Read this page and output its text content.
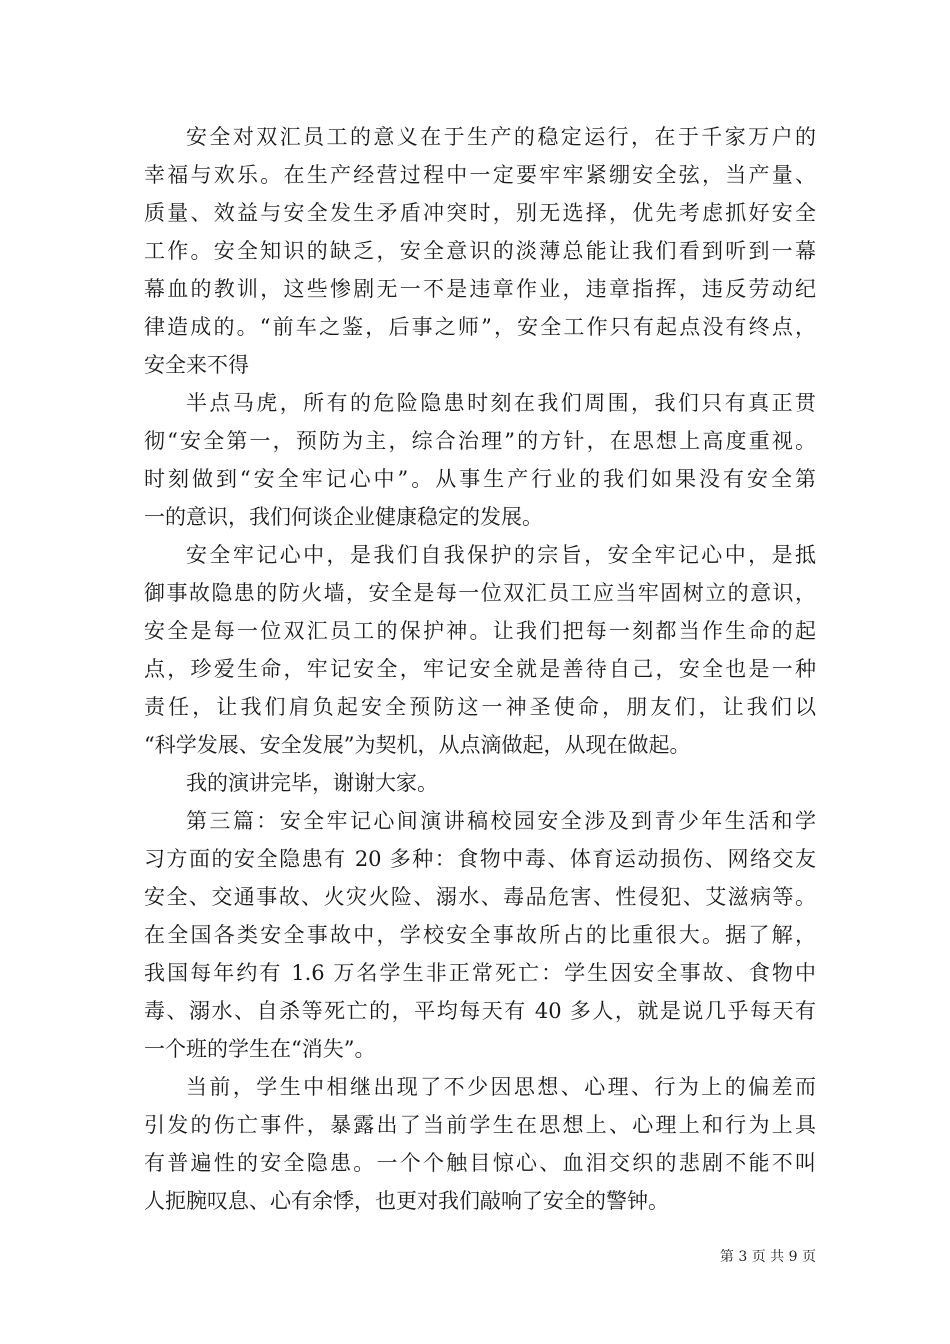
安全对双汇员工的意义在于生产的稳定运行，在于千家万户的
幸福与欢乐。在生产经营过程中一定要牢牢紧绷安全弦，当产量、
质量、效益与安全发生矛盾冲突时，别无选择，优先考虑抓好安全
工作。安全知识的缺乏，安全意识的淡薄总能让我们看到听到一幕
幕血的教训，这些惨剧无一不是违章作业，违章指挥，违反劳动纪
律造成的。“前车之鉴，后事之师”，安全工作只有起点没有终点，
安全来不得
半点马虎，所有的危险隐患时刻在我们周围，我们只有真正贯
彻“安全第一，预防为主，综合治理”的方针，在思想上高度重视。
时刻做到“安全牢记心中”。从事生产行业的我们如果没有安全第
一的意识，我们何谈企业健康稳定的发展。
安全牢记心中，是我们自我保护的宗旨，安全牢记心中，是抵
御事故隐患的防火墙，安全是每一位双汇员工应当牢固树立的意识，
安全是每一位双汇员工的保护神。让我们把每一刻都当作生命的起
点，珍爱生命，牢记安全，牢记安全就是善待自己，安全也是一种
责任，让我们肩负起安全预防这一神圣使命，朋友们，让我们以
“科学发展、安全发展”为契机，从点滴做起，从现在做起。
我的演讲完毕，谢谢大家。
第三篇：安全牢记心间演讲稿校园安全涉及到青少年生活和学
习方面的安全隐患有 20 多种：食物中毒、体育运动损伤、网络交友
安全、交通事故、火灾火险、溺水、毒品危害、性侵犯、艾滋病等。
在全国各类安全事故中，学校安全事故所占的比重很大。据了解，
我国每年约有 1.6 万名学生非正常死亡：学生因安全事故、食物中
毒、溺水、自杀等死亡的，平均每天有 40 多人，就是说几乎每天有
一个班的学生在“消失”。
当前，学生中相继出现了不少因思想、心理、行为上的偏差而
引发的伤亡事件，暴露出了当前学生在思想上、心理上和行为上具
有普遍性的安全隐患。一个个触目惊心、血泪交织的悲剧不能不叫
人扼腕叹息、心有余悸，也更对我们敲响了安全的警钟。
第 3 页 共 9 页
